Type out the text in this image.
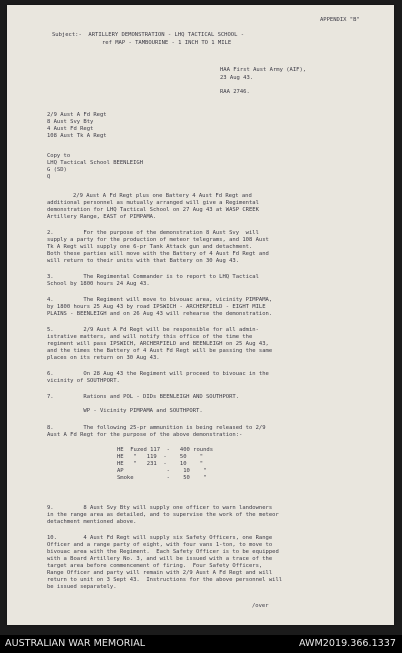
APPENDIX "B"
Subject:-  ARTILLERY DEMONSTRATION - LHQ TACTICAL SCHOOL -
ref MAP - TAMBOURINE - 1 INCH TO 1 MILE
HAA First Aust Army (AIF),
23 Aug 43.
RAA 2746.
2/9 Aust A Fd Regt
8 Aust Svy Bty
4 Aust Fd Regt
108 Aust Tk A Regt
Copy to
LHQ Tactical School BEENLEIGH
G (SD)
Q
2/9 Aust A Fd Regt plus one Battery 4 Aust Fd Regt and
additional personnel as mutually arranged will give a Regimental
demonstration for LHQ Tactical School on 27 Aug 43 at WASP CREEK
Artillery Range, EAST of PIMPAMA.
2.         For the purpose of the demonstration 8 Aust Svy  will
supply a party for the production of meteor telegrams, and 108 Aust
Tk A Regt will supply one 6-pr Tank Attack gun and detachment.
Both these parties will move with the Battery of 4 Aust Fd Regt and
will return to their units with that Battery on 30 Aug 43.
3.         The Regimental Commander is to report to LHQ Tactical
School by 1800 hours 24 Aug 43.
4.         The Regiment will move to bivouac area, vicinity PIMPAMA,
by 1800 hours 25 Aug 43 by road IPSWICH - ARCHERFIELD - EIGHT MILE
PLAINS - BEENLEIGH and on 26 Aug 43 will rehearse the demonstration.
5.         2/9 Aust A Fd Regt will be responsible for all admin-
istrative matters, and will notify this office of the time the
regiment will pass IPSWICH, ARCHERFIELD and BEENLEIGH on 25 Aug 43,
and the times the Battery of 4 Aust Fd Regt will be passing the same
places on its return on 30 Aug 43.
6.         On 28 Aug 43 the Regiment will proceed to bivouac in the
vicinity of SOUTHPORT.
7.         Rations and POL - DIDs BEENLEIGH AND SOUTHPORT.
WP - Vicinity PIMPAMA and SOUTHPORT.
8.         The following 25-pr ammunition is being released to 2/9
Aust A Fd Regt for the purpose of the above demonstration:-
HE  Fuzed 117  -   400 rounds
HE   "   119  -    50    "
HE   "   231  -    10    "
AP             -    10    "
Smoke          -    50    "
9.         8 Aust Svy Bty will supply one officer to warn landowners
in the range area as detailed, and to supervise the work of the meteor
detachment mentioned above.
10.        4 Aust Fd Regt will supply six Safety Officers, one Range
Officer and a range party of eight, with four vans 1-ton, to move to
bivouac area with the Regiment.  Each Safety Officer is to be equipped
with a Board Artillery No. 3, and will be issued with a trace of the
target area before commencement of firing.  Four Safety Officers,
Range Officer and party will remain with 2/9 Aust A Fd Regt and will
return to unit on 3 Sept 43.  Instructions for the above personnel will
be issued separately.
/over
AUSTRALIAN WAR MEMORIAL	AWM2019.366.1337
